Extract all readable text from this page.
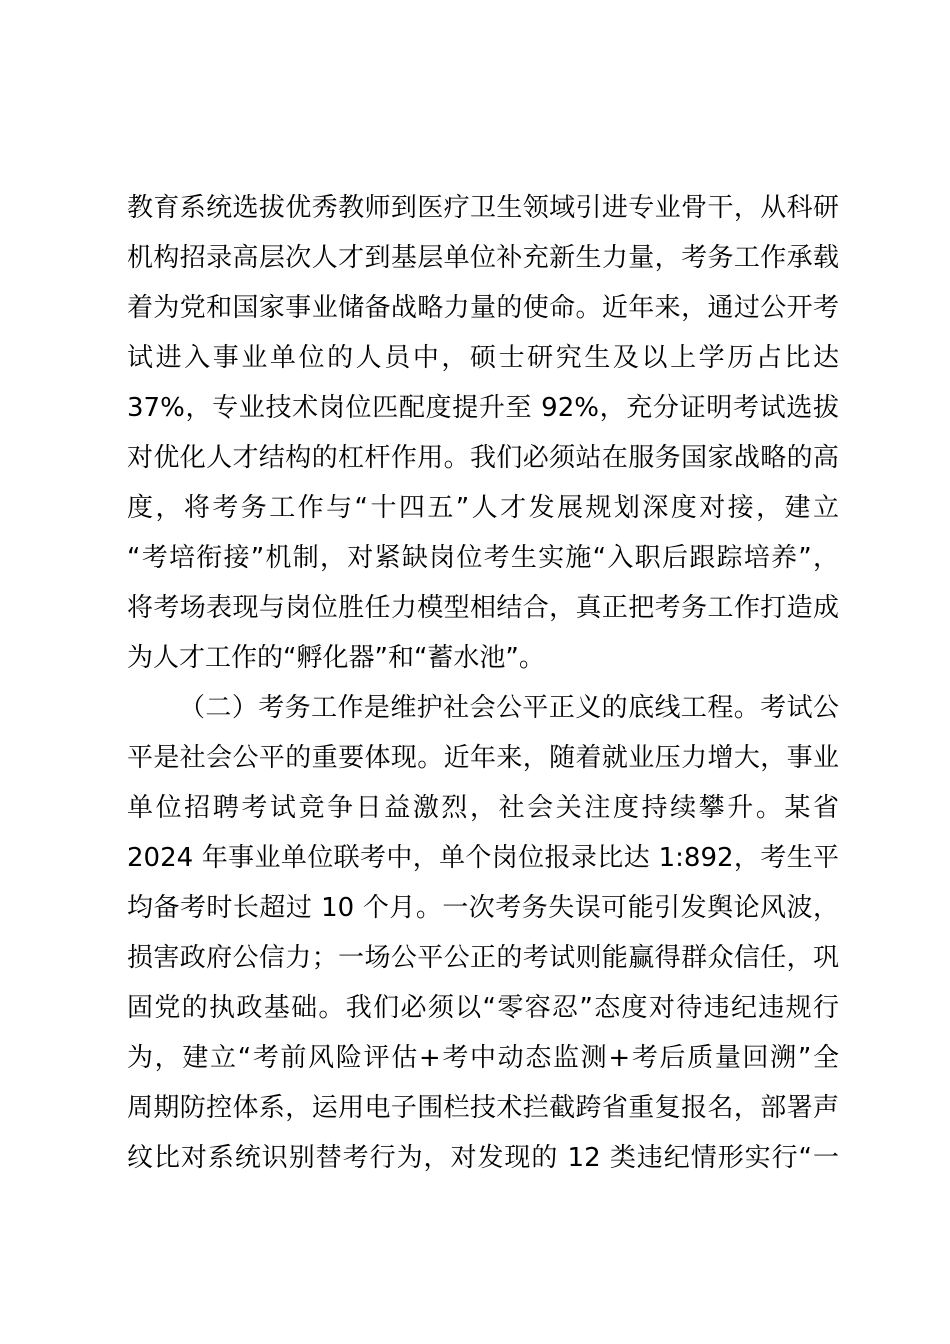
教育系统选拔优秀教师到医疗卫生领域引进专业骨干，从科研
机构招录高层次人才到基层单位补充新生力量，考务工作承载
着为党和国家事业储备战略力量的使命。近年来，通过公开考
试进入事业单位的人员中，硕士研究生及以上学历占比达
37%，专业技术岗位匹配度提升至 92%，充分证明考试选拔
对优化人才结构的杠杆作用。我们必须站在服务国家战略的高
度，将考务工作与“十四五”人才发展规划深度对接，建立
“考培衔接”机制，对紧缺岗位考生实施“入职后跟踪培养”，
将考场表现与岗位胜任力模型相结合，真正把考务工作打造成
为人才工作的“孵化器”和“蓄水池”。
（二）考务工作是维护社会公平正义的底线工程。考试公
平是社会公平的重要体现。近年来，随着就业压力增大，事业
单位招聘考试竞争日益激烈，社会关注度持续攀升。某省
2024 年事业单位联考中，单个岗位报录比达 1:892，考生平
均备考时长超过 10 个月。一次考务失误可能引发舆论风波，
损害政府公信力；一场公平公正的考试则能赢得群众信任，巩
固党的执政基础。我们必须以“零容忍”态度对待违纪违规行
为，建立“考前风险评估+考中动态监测+考后质量回溯”全
周期防控体系，运用电子围栏技术拦截跨省重复报名，部署声
纹比对系统识别替考行为，对发现的 12 类违纪情形实行“一
